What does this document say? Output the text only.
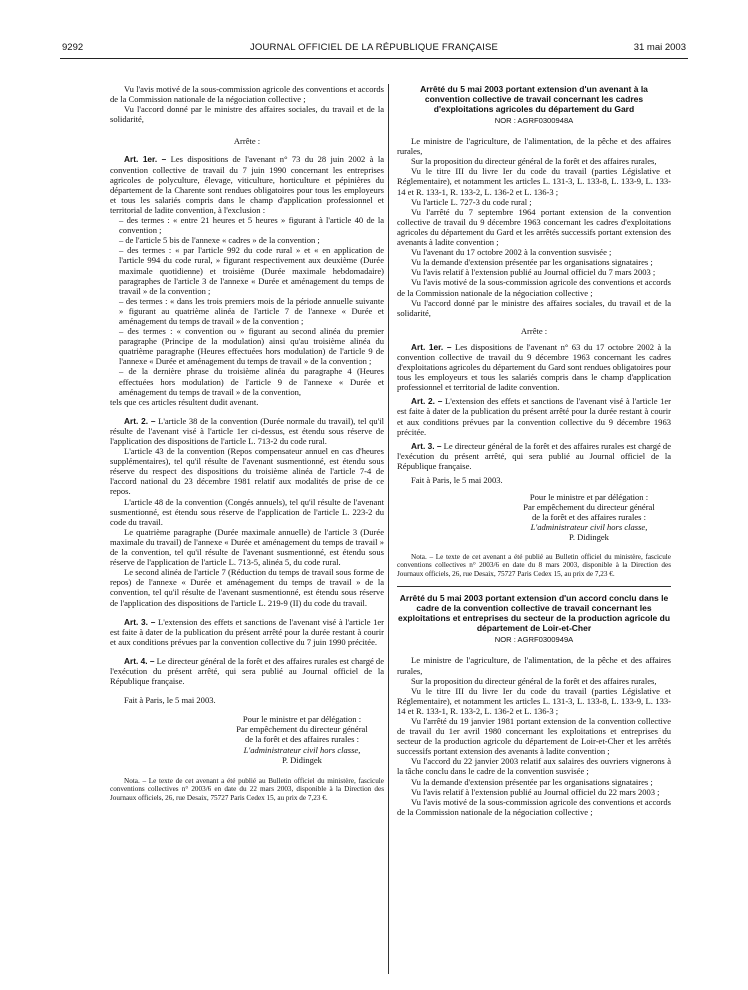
9292	JOURNAL OFFICIEL DE LA RÉPUBLIQUE FRANÇAISE	31 mai 2003

Vu l'avis motivé de la sous-commission agricole des conventions et accords de la Commission nationale de la négociation collective ;

Vu l'accord donné par le ministre des affaires sociales, du travail et de la solidarité,

Arrête :

Art. 1er. – Les dispositions de l'avenant n° 73 du 28 juin 2002 à la convention collective de travail du 7 juin 1990 concernant les entreprises agricoles de polyculture, élevage, viticulture, horticulture et pépinières du département de la Charente sont rendues obligatoires pour tous les employeurs et tous les salariés compris dans le champ d'application professionnel et territorial de ladite convention, à l'exclusion :

– des termes : « entre 21 heures et 5 heures » figurant à l'article 40 de la convention ;

– de l'article 5 bis de l'annexe « cadres » de la convention ;

– des termes : « par l'article 992 du code rural » et « en application de l'article 994 du code rural, » figurant respectivement aux deuxième (Durée maximale quotidienne) et troisième (Durée maximale hebdomadaire) paragraphes de l'article 3 de l'annexe « Durée et aménagement du temps de travail » de la convention ;

– des termes : « dans les trois premiers mois de la période annuelle suivante » figurant au quatrième alinéa de l'article 7 de l'annexe « Durée et aménagement du temps de travail » de la convention ;

– des termes : « convention ou » figurant au second alinéa du premier paragraphe (Principe de la modulation) ainsi qu'au troisième alinéa du quatrième paragraphe (Heures effectuées hors modulation) de l'article 9 de l'annexe « Durée et aménagement du temps de travail » de la convention ;

– de la dernière phrase du troisième alinéa du paragraphe 4 (Heures effectuées hors modulation) de l'article 9 de l'annexe « Durée et aménagement du temps de travail » de la convention,

tels que ces articles résultent dudit avenant.

Art. 2. – L'article 38 de la convention (Durée normale du travail), tel qu'il résulte de l'avenant visé à l'article 1er ci-dessus, est étendu sous réserve de l'application des dispositions de l'article L. 713-2 du code rural.

L'article 43 de la convention (Repos compensateur annuel en cas d'heures supplémentaires), tel qu'il résulte de l'avenant susmentionné, est étendu sous réserve du respect des dispositions du troisième alinéa de l'article 7-4 de l'accord national du 23 décembre 1981 relatif aux modalités de prise de ce repos.

L'article 48 de la convention (Congés annuels), tel qu'il résulte de l'avenant susmentionné, est étendu sous réserve de l'application de l'article L. 223-2 du code du travail.

Le quatrième paragraphe (Durée maximale annuelle) de l'article 3 (Durée maximale du travail) de l'annexe « Durée et aménagement du temps de travail » de la convention, tel qu'il résulte de l'avenant susmentionné, est étendu sous réserve de l'application de l'article L. 713-5, alinéa 5, du code rural.

Le second alinéa de l'article 7 (Réduction du temps de travail sous forme de repos) de l'annexe « Durée et aménagement du temps de travail » de la convention, tel qu'il résulte de l'avenant susmentionné, est étendu sous réserve de l'application des dispositions de l'article L. 219-9 (II) du code du travail.

Art. 3. – L'extension des effets et sanctions de l'avenant visé à l'article 1er est faite à dater de la publication du présent arrêté pour la durée restant à courir et aux conditions prévues par la convention collective du 7 juin 1990 précitée.

Art. 4. – Le directeur général de la forêt et des affaires rurales est chargé de l'exécution du présent arrêté, qui sera publié au Journal officiel de la République française.

Fait à Paris, le 5 mai 2003.

Pour le ministre et par délégation :

Par empêchement du directeur général

de la forêt et des affaires rurales :

L'administrateur civil hors classe,

P. Didingek

Nota. – Le texte de cet avenant a été publié au Bulletin officiel du ministère, fascicule conventions collectives n° 2003/6 en date du 22 mars 2003, disponible à la Direction des Journaux officiels, 26, rue Desaix, 75727 Paris Cedex 15, au prix de 7,23 €.

Arrêté du 5 mai 2003 portant extension d'un avenant à la convention collective de travail concernant les cadres d'exploitations agricoles du département du Gard
NOR : AGRF0300948A

Le ministre de l'agriculture, de l'alimentation, de la pêche et des affaires rurales,

Sur la proposition du directeur général de la forêt et des affaires rurales,

Vu le titre III du livre Ier du code du travail (parties Législative et Réglementaire), et notamment les articles L. 131-3, L. 133-8, L. 133-9, L. 133-14 et R. 133-1, R. 133-2, L. 136-2 et L. 136-3 ;

Vu l'article L. 727-3 du code rural ;

Vu l'arrêté du 7 septembre 1964 portant extension de la convention collective de travail du 9 décembre 1963 concernant les cadres d'exploitations agricoles du département du Gard et les arrêtés successifs portant extension des avenants à ladite convention ;

Vu l'avenant du 17 octobre 2002 à la convention susvisée ;

Vu la demande d'extension présentée par les organisations signataires ;

Vu l'avis relatif à l'extension publié au Journal officiel du 7 mars 2003 ;

Vu l'avis motivé de la sous-commission agricole des conventions et accords de la Commission nationale de la négociation collective ;

Vu l'accord donné par le ministre des affaires sociales, du travail et de la solidarité,

Arrête :

Art. 1er. – Les dispositions de l'avenant n° 63 du 17 octobre 2002 à la convention collective de travail du 9 décembre 1963 concernant les cadres d'exploitations agricoles du département du Gard sont rendues obligatoires pour tous les employeurs et tous les salariés compris dans le champ d'application professionnel et territorial de ladite convention.

Art. 2. – L'extension des effets et sanctions de l'avenant visé à l'article 1er est faite à dater de la publication du présent arrêté pour la durée restant à courir et aux conditions prévues par la convention collective du 9 décembre 1963 précitée.

Art. 3. – Le directeur général de la forêt et des affaires rurales est chargé de l'exécution du présent arrêté, qui sera publié au Journal officiel de la République française.

Fait à Paris, le 5 mai 2003.

Pour le ministre et par délégation :

Par empêchement du directeur général

de la forêt et des affaires rurales :

L'administrateur civil hors classe,

P. Didingek

Nota. – Le texte de cet avenant a été publié au Bulletin officiel du ministère, fascicule conventions collectives n° 2003/6 en date du 8 mars 2003, disponible à la Direction des Journaux officiels, 26, rue Desaix, 75727 Paris Cedex 15, au prix de 7,23 €.

Arrêté du 5 mai 2003 portant extension d'un accord conclu dans le cadre de la convention collective de travail concernant les exploitations et entreprises du secteur de la production agricole du département de Loir-et-Cher
NOR : AGRF0300949A

Le ministre de l'agriculture, de l'alimentation, de la pêche et des affaires rurales,

Sur la proposition du directeur général de la forêt et des affaires rurales,

Vu le titre III du livre Ier du code du travail (parties Législative et Réglementaire), et notamment les articles L. 131-3, L. 133-8, L. 133-9, L. 133-14 et R. 133-1, R. 133-2, L. 136-2 et L. 136-3 ;

Vu l'arrêté du 19 janvier 1981 portant extension de la convention collective de travail du 1er avril 1980 concernant les exploitations et entreprises du secteur de la production agricole du département de Loir-et-Cher et les arrêtés successifs portant extension des avenants à ladite convention ;

Vu l'accord du 22 janvier 2003 relatif aux salaires des ouvriers vignerons à la tâche conclu dans le cadre de la convention susvisée ;

Vu la demande d'extension présentée par les organisations signataires ;

Vu l'avis relatif à l'extension publié au Journal officiel du 22 mars 2003 ;

Vu l'avis motivé de la sous-commission agricole des conventions et accords de la Commission nationale de la négociation collective ;
